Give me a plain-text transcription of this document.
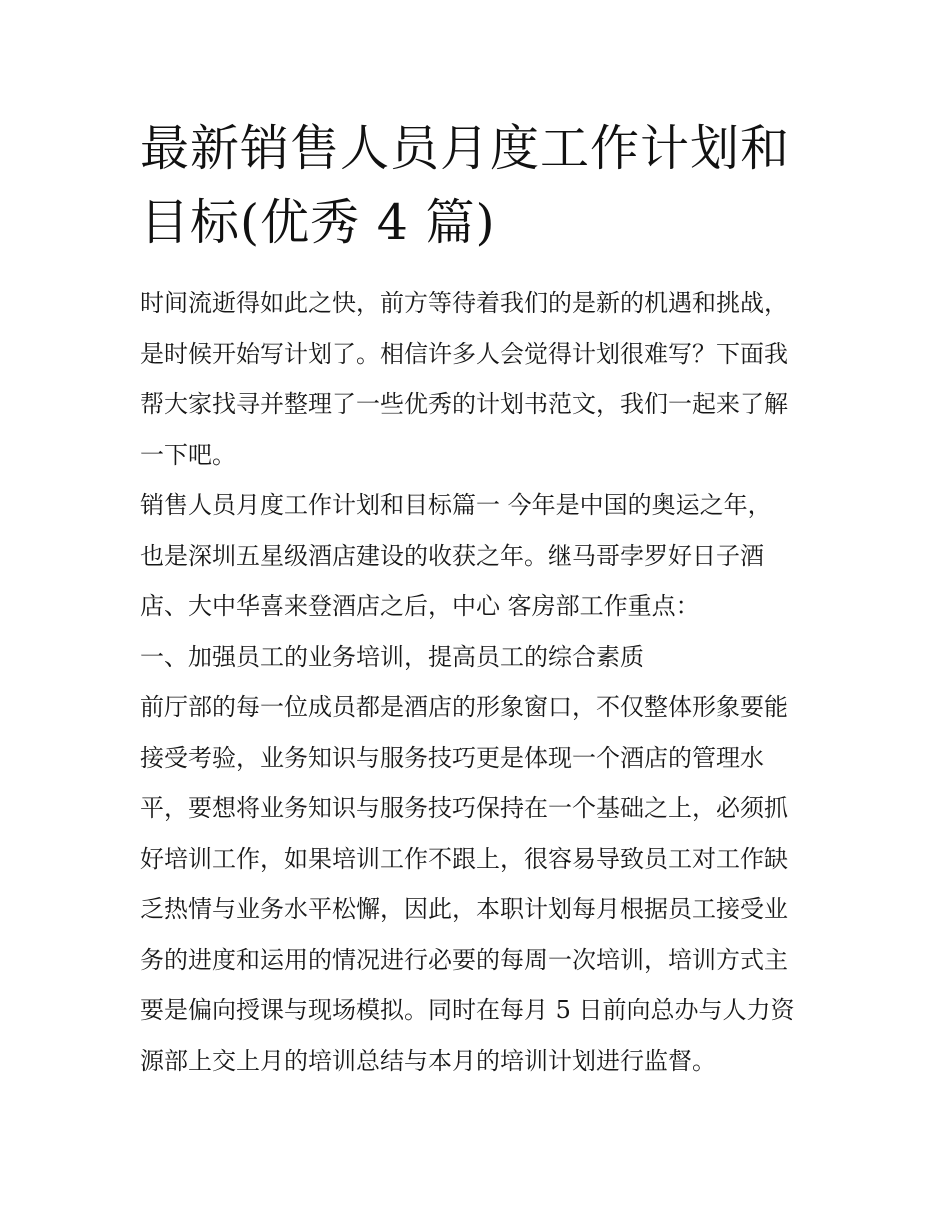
最新销售人员月度工作计划和
目标(优秀 4 篇)
时间流逝得如此之快，前方等待着我们的是新的机遇和挑战，
是时候开始写计划了。相信许多人会觉得计划很难写？下面我
帮大家找寻并整理了一些优秀的计划书范文，我们一起来了解
一下吧。
销售人员月度工作计划和目标篇一 今年是中国的奥运之年，
也是深圳五星级酒店建设的收获之年。继马哥孛罗好日子酒
店、大中华喜来登酒店之后，中心 客房部工作重点：
一、加强员工的业务培训，提高员工的综合素质
前厅部的每一位成员都是酒店的形象窗口，不仅整体形象要能
接受考验，业务知识与服务技巧更是体现一个酒店的管理水
平，要想将业务知识与服务技巧保持在一个基础之上，必须抓
好培训工作，如果培训工作不跟上，很容易导致员工对工作缺
乏热情与业务水平松懈，因此，本职计划每月根据员工接受业
务的进度和运用的情况进行必要的每周一次培训，培训方式主
要是偏向授课与现场模拟。同时在每月 5 日前向总办与人力资
源部上交上月的培训总结与本月的培训计划进行监督。
